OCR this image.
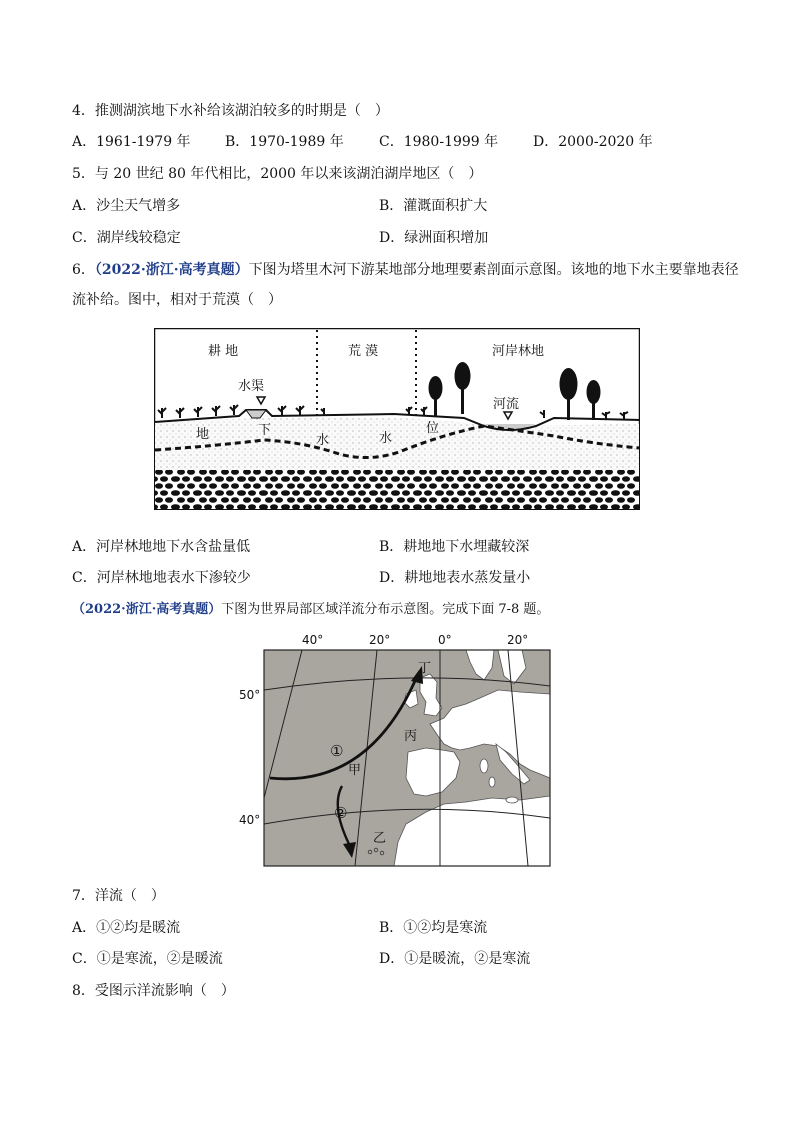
4．推测湖滨地下水补给该湖泊较多的时期是（　）
A．1961-1979 年 B．1970-1989 年	C．1980-1999 年 D．2000-2020 年
5．与 20 世纪 80 年代相比，2000 年以来该湖泊湖岸地区（　）
A．沙尘天气增多	B．灌溉面积扩大
C．湖岸线较稳定	D．绿洲面积增加
6．（2022·浙江·高考真题）下图为塔里木河下游某地部分地理要素剖面示意图。该地的地下水主要靠地表径
流补给。图中，相对于荒漠（　）
耕 地	荒 漠	河岸林地
水渠
河流
地	下
水	水
位
A．河岸林地地下水含盐量低	B．耕地地下水埋藏较深
C．河岸林地地表水下渗较少	D．耕地地表水蒸发量小
（2022·浙江·高考真题）下图为世界局部区域洋流分布示意图。完成下面 7-8 题。
40°	20°	0°	20°
50°
40°
丁
丙
甲
乙
①
②
7．洋流（　）
A．①②均是暖流	B．①②均是寒流
C．①是寒流，②是暖流	D．①是暖流，②是寒流
8．受图示洋流影响（　）
